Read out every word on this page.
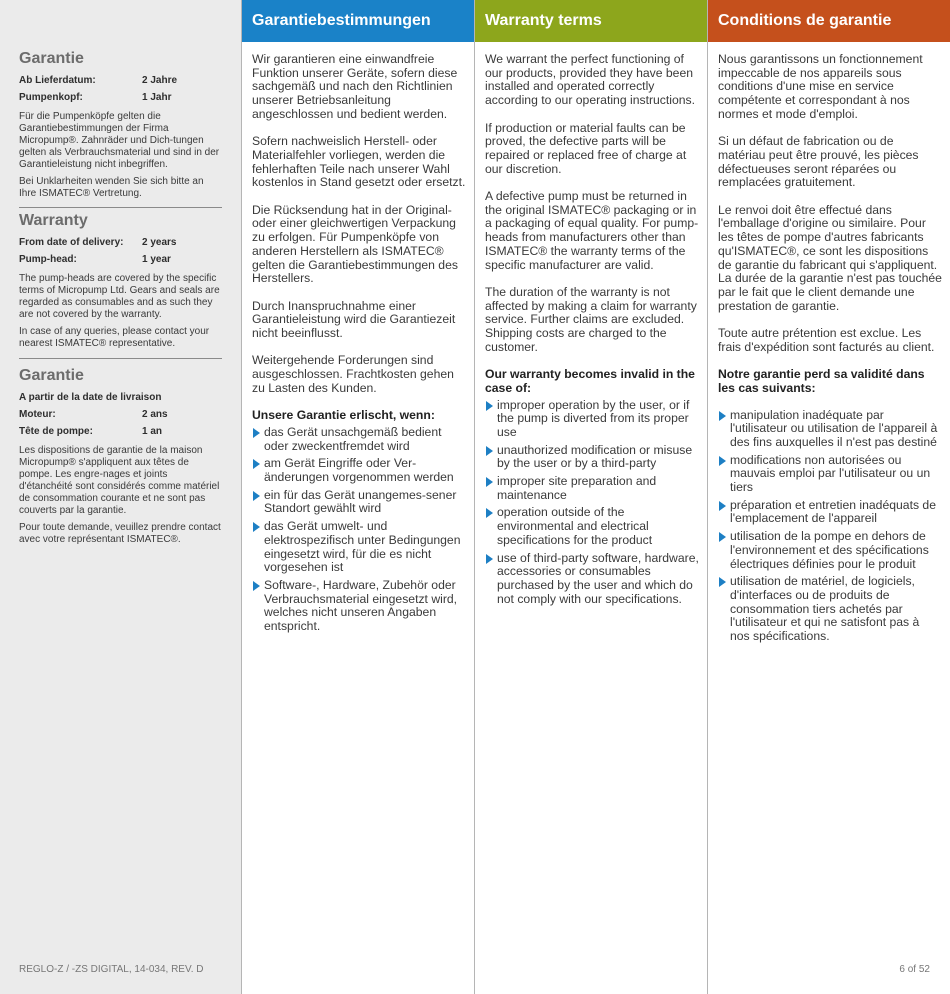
Garantie
Ab Lieferdatum:	2 Jahre
Pumpenkopf:	1 Jahr

Für die Pumpenköpfe gelten die Garantiebestimmungen der Firma Micropump®. Zahnräder und Dich-tungen gelten als Verbrauchsmaterial und sind in der Garantieleistung nicht inbegriffen.

Bei Unklarheiten wenden Sie sich bitte an Ihre ISMATEC® Vertretung.

Warranty
From date of delivery:	2 years
Pump-head:	1 year

The pump-heads are covered by the specific terms of Micropump Ltd. Gears and seals are regarded as consumables and as such they are not covered by the warranty.

In case of any queries, please contact your nearest ISMATEC® representative.

Garantie
A partir de la date de livraison
Moteur:	2 ans
Tête de pompe:	1 an

Les dispositions de garantie de la maison Micropump® s'appliquent aux têtes de pompe. Les engre-nages et joints d'étanchéité sont considérés comme matériel de consommation courante et ne sont pas couverts par la garantie.

Pour toute demande, veuillez prendre contact avec votre représentant ISMATEC®.

REGLO-Z / -ZS DIGITAL, 14-034, REV. D
Garantiebestimmungen

Wir garantieren eine einwandfreie Funktion unserer Geräte, sofern diese sachgemäß und nach den Richtlinien unserer Betriebsanleitung angeschlossen und bedient werden.

Sofern nachweislich Herstell- oder Materialfehler vorliegen, werden die fehlerhaften Teile nach unserer Wahl kostenlos in Stand gesetzt oder ersetzt.

Die Rücksendung hat in der Original- oder einer gleichwertigen Verpackung zu erfolgen. Für Pumpenköpfe von anderen Herstellern als ISMATEC® gelten die Garantiebestimmungen des Herstellers.

Durch Inanspruchnahme einer Garantieleistung wird die Garantiezeit nicht beeinflusst.

Weitergehende Forderungen sind ausgeschlossen. Frachtkosten gehen zu Lasten des Kunden.

Unsere Garantie erlischt, wenn:
das Gerät unsachgemäß bedient oder zweckentfremdet wird
am Gerät Eingriffe oder Ver-änderungen vorgenommen werden
ein für das Gerät unangemes-sener Standort gewählt wird
das Gerät umwelt- und elektrospezifisch unter Bedingungen eingesetzt wird, für die es nicht vorgesehen ist
Software-, Hardware, Zubehör oder Verbrauchsmaterial eingesetzt wird, welches nicht unseren Angaben entspricht.
Warranty terms

We warrant the perfect functioning of our products, provided they have been installed and operated correctly according to our operating instructions.

If production or material faults can be proved, the defective parts will be repaired or replaced free of charge at our discretion.

A defective pump must be returned in the original ISMATEC® packaging or in a packaging of equal quality. For pump-heads from manufacturers other than ISMATEC® the warranty terms of the specific manufacturer are valid.

The duration of the warranty is not affected by making a claim for warranty service. Further claims are excluded. Shipping costs are charged to the customer.

Our warranty becomes invalid in the case of:
improper operation by the user, or if the pump is diverted from its proper use
unauthorized modification or misuse by the user or by a third-party
improper site preparation and maintenance
operation outside of the environmental and electrical specifications for the product
use of third-party software, hardware, accessories or consumables purchased by the user and which do not comply with our specifications.
Conditions de garantie

Nous garantissons un fonctionnement impeccable de nos appareils sous conditions d'une mise en service compétente et correspondant à nos normes et mode d'emploi.

Si un défaut de fabrication ou de matériau peut être prouvé, les pièces défectueuses seront réparées ou remplacées gratuitement.

Le renvoi doit être effectué dans l'emballage d'origine ou similaire. Pour les têtes de pompe d'autres fabricants qu'ISMATEC®, ce sont les dispositions de garantie du fabricant qui s'appliquent. La durée de la garantie n'est pas touchée par le fait que le client demande une prestation de garantie.

Toute autre prétention est exclue. Les frais d'expédition sont facturés au client.

Notre garantie perd sa validité dans les cas suivants:
manipulation inadéquate par l'utilisateur ou utilisation de l'appareil à des fins auxquelles il n'est pas destiné
modifications non autorisées ou mauvais emploi par l'utilisateur ou un tiers
préparation et entretien inadéquats de l'emplacement de l'appareil
utilisation de la pompe en dehors de l'environnement et des spécifications électriques définies pour le produit
utilisation de matériel, de logiciels, d'interfaces ou de produits de consommation tiers achetés par l'utilisateur et qui ne satisfont pas à nos spécifications.
6 of 52
